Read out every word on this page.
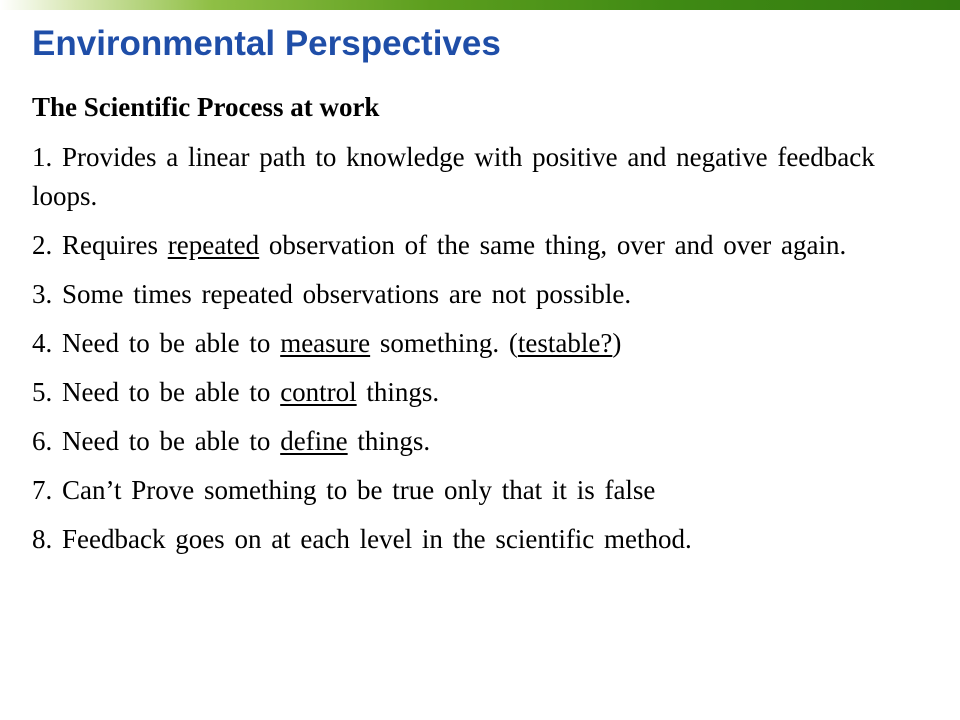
Environmental Perspectives

The Scientific Process at work

1. Provides a linear path to knowledge with positive and negative feedback loops.

2. Requires repeated observation of the same thing, over and over again.

3. Some times repeated observations are not possible.

4. Need to be able to measure something. (testable?)

5. Need to be able to control things.

6. Need to be able to define things.

7. Can’t Prove something to be true only that it is false

8. Feedback goes on at each level in the scientific method.
